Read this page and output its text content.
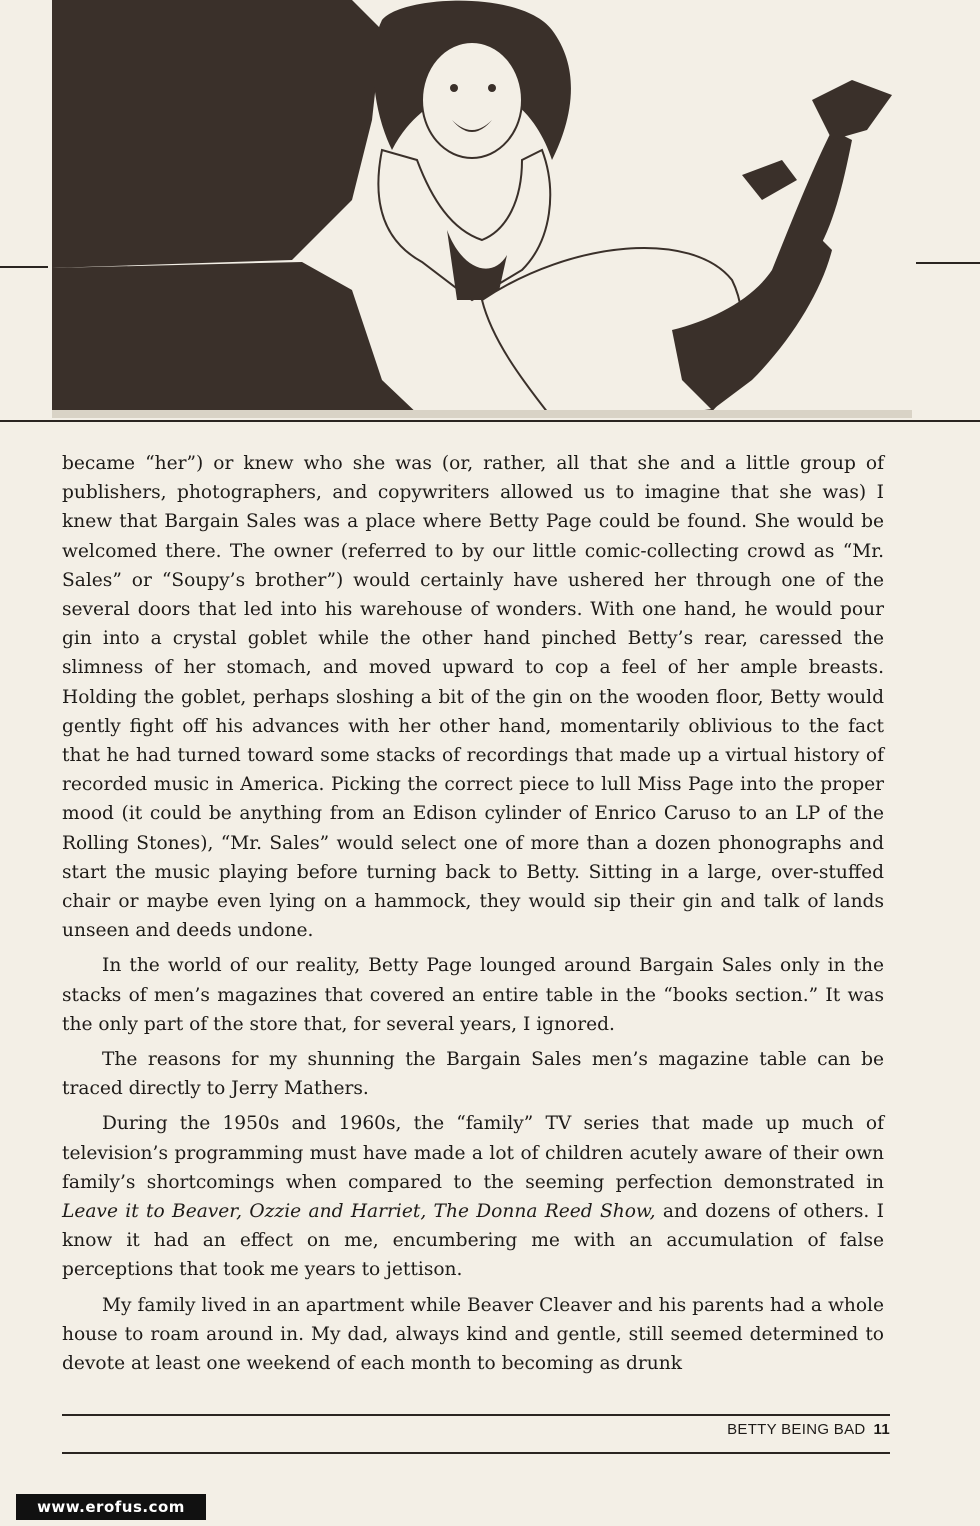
became “her”) or knew who she was (or, rather, all that she and a little group of publishers, photographers, and copywriters allowed us to imagine that she was) I knew that Bargain Sales was a place where Betty Page could be found. She would be welcomed there. The owner (referred to by our little comic-collecting crowd as “Mr. Sales” or “Soupy’s brother”) would certainly have ushered her through one of the several doors that led into his warehouse of wonders. With one hand, he would pour gin into a crystal goblet while the other hand pinched Betty’s rear, caressed the slimness of her stomach, and moved upward to cop a feel of her ample breasts. Holding the goblet, perhaps sloshing a bit of the gin on the wooden floor, Betty would gently fight off his advances with her other hand, momentarily oblivious to the fact that he had turned toward some stacks of recordings that made up a virtual history of recorded music in America. Picking the correct piece to lull Miss Page into the proper mood (it could be anything from an Edison cylinder of Enrico Caruso to an LP of the Rolling Stones), “Mr. Sales” would select one of more than a dozen phonographs and start the music playing before turning back to Betty. Sitting in a large, over-stuffed chair or maybe even lying on a hammock, they would sip their gin and talk of lands unseen and deeds undone.

In the world of our reality, Betty Page lounged around Bargain Sales only in the stacks of men’s magazines that covered an entire table in the “books section.” It was the only part of the store that, for several years, I ignored.

The reasons for my shunning the Bargain Sales men’s magazine table can be traced directly to Jerry Mathers.

During the 1950s and 1960s, the “family” TV series that made up much of television’s programming must have made a lot of children acutely aware of their own family’s shortcomings when compared to the seeming perfection demonstrated in Leave it to Beaver, Ozzie and Harriet, The Donna Reed Show, and dozens of others. I know it had an effect on me, encumbering me with an accumulation of false perceptions that took me years to jettison.

My family lived in an apartment while Beaver Cleaver and his parents had a whole house to roam around in. My dad, always kind and gentle, still seemed determined to devote at least one weekend of each month to becoming as drunk

BETTY BEING BAD 11
www.erofus.com
